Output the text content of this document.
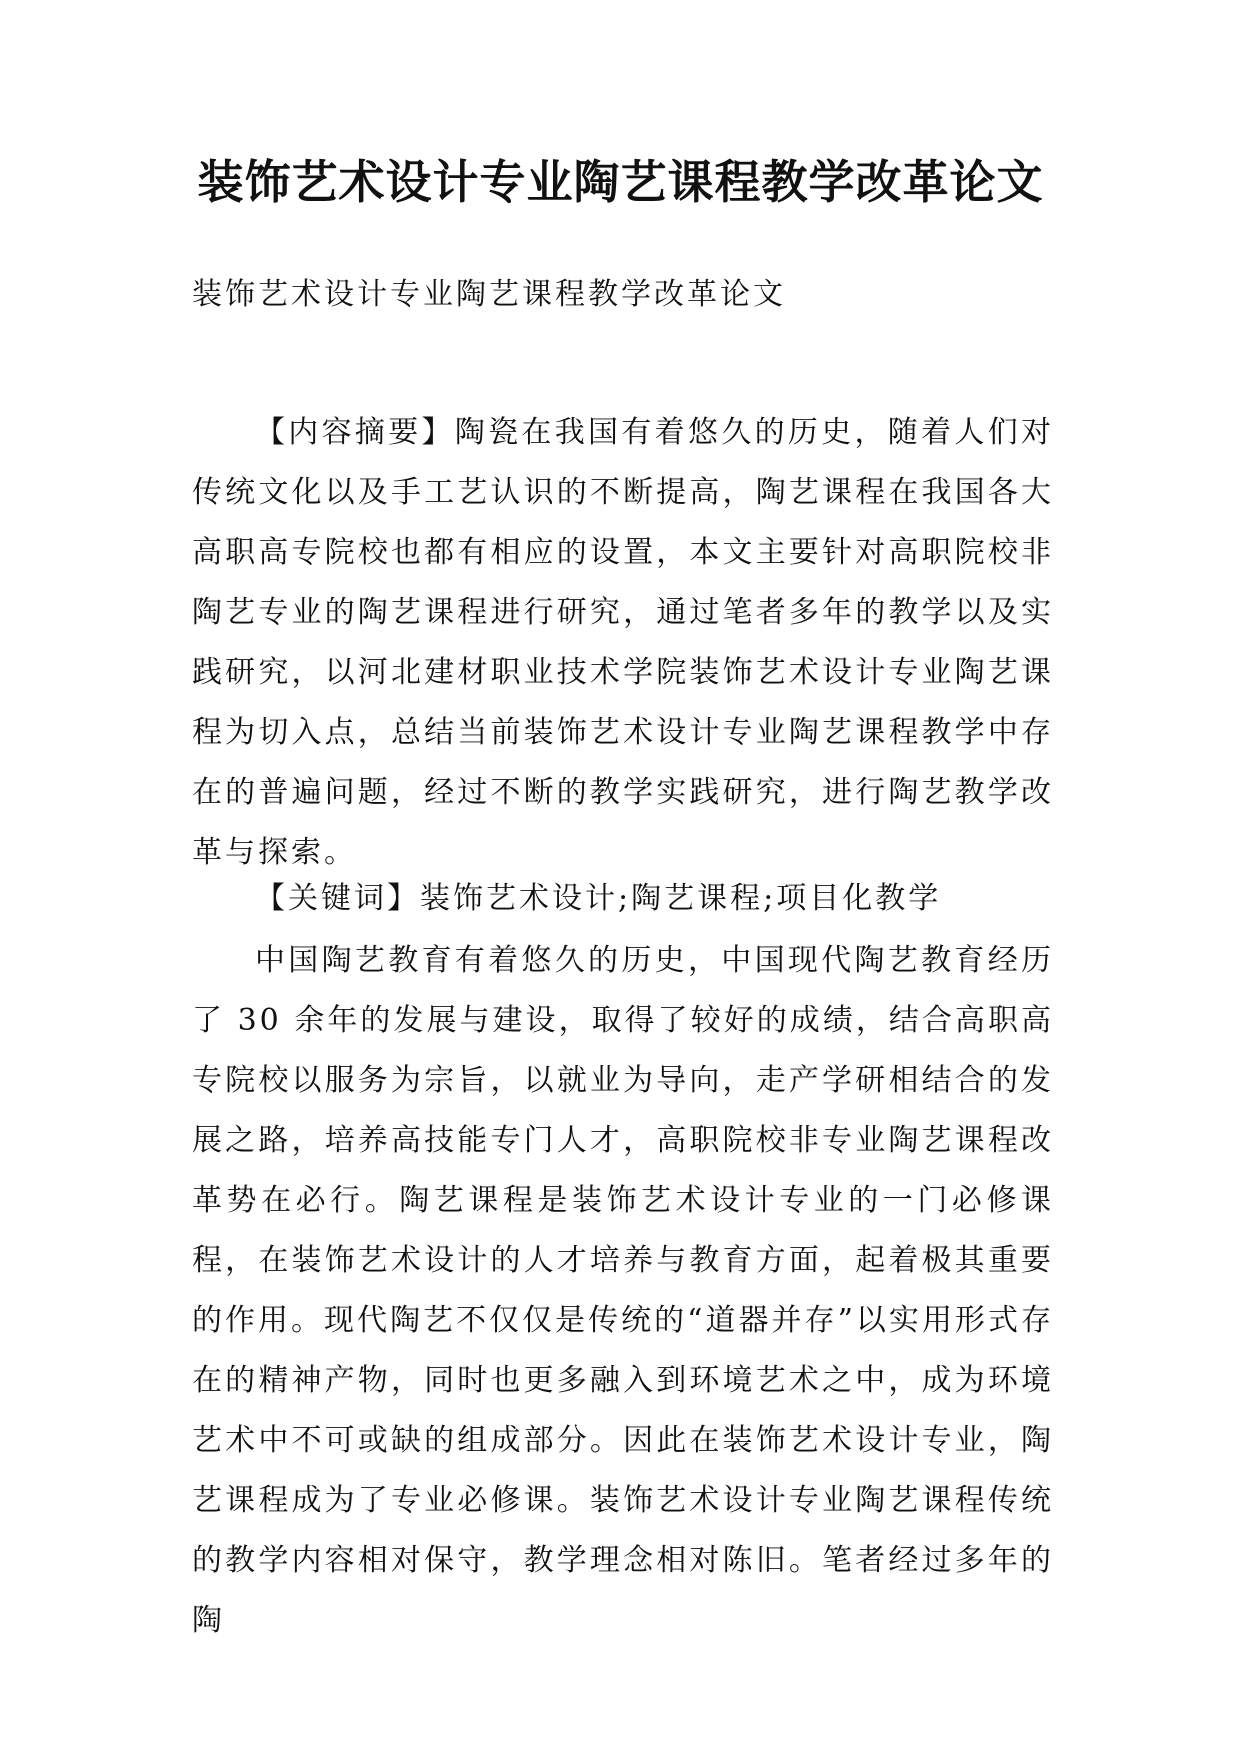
装饰艺术设计专业陶艺课程教学改革论文

装饰艺术设计专业陶艺课程教学改革论文

【内容摘要】陶瓷在我国有着悠久的历史，随着人们对传统文化以及手工艺认识的不断提高，陶艺课程在我国各大高职高专院校也都有相应的设置，本文主要针对高职院校非陶艺专业的陶艺课程进行研究，通过笔者多年的教学以及实践研究，以河北建材职业技术学院装饰艺术设计专业陶艺课程为切入点，总结当前装饰艺术设计专业陶艺课程教学中存在的普遍问题，经过不断的教学实践研究，进行陶艺教学改革与探索。

【关键词】装饰艺术设计;陶艺课程;项目化教学

中国陶艺教育有着悠久的历史，中国现代陶艺教育经历了 30 余年的发展与建设，取得了较好的成绩，结合高职高专院校以服务为宗旨，以就业为导向，走产学研相结合的发展之路，培养高技能专门人才，高职院校非专业陶艺课程改革势在必行。陶艺课程是装饰艺术设计专业的一门必修课程，在装饰艺术设计的人才培养与教育方面，起着极其重要的作用。现代陶艺不仅仅是传统的“道器并存”以实用形式存在的精神产物，同时也更多融入到环境艺术之中，成为环境艺术中不可或缺的组成部分。因此在装饰艺术设计专业，陶艺课程成为了专业必修课。装饰艺术设计专业陶艺课程传统的教学内容相对保守，教学理念相对陈旧。笔者经过多年的陶
